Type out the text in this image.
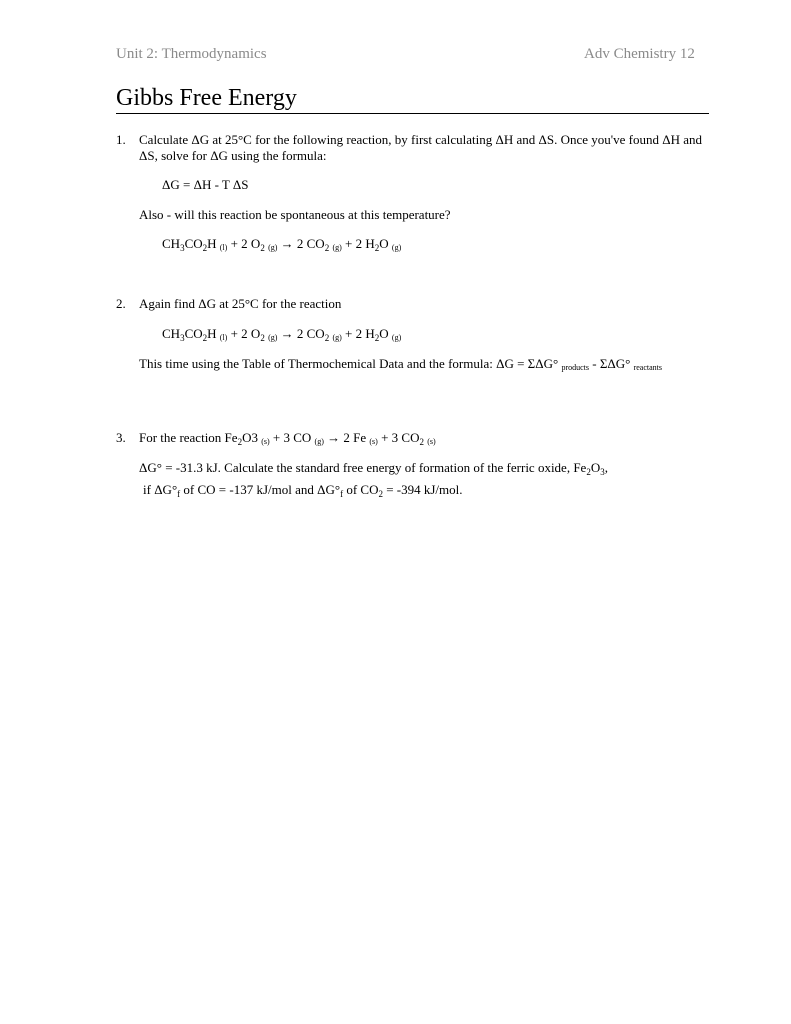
Unit 2: Thermodynamics	Adv Chemistry 12
Gibbs Free Energy
1. Calculate ΔG at 25°C for the following reaction, by first calculating ΔH and ΔS. Once you've found ΔH and
ΔS, solve for ΔG using the formula:
ΔG = ΔH - T ΔS
Also - will this reaction be spontaneous at this temperature?
$CH_3CO_2H$ $_{(l)}$ + 2 $O_2$ $_{(g)}$ → 2 $CO_2$ $_{(g)}$ + 2 $H_2O$ $_{(g)}$
2. Again find ΔG at 25°C for the reaction
$CH_3CO_2H$ $_{(l)}$ + 2 $O_2$ $_{(g)}$ → 2 $CO_2$ $_{(g)}$ + 2 $H_2O$ $_{(g)}$
This time using the Table of Thermochemical Data and the formula: ΔG = ΣΔG° $_{products}$ - ΣΔG° $_{reactants}$
3. For the reaction $Fe_2O3$ $_{(s)}$ + 3 CO $_{(g)}$ → 2 Fe $_{(s)}$ + 3 $CO_2$ $_{(s)}$
ΔG° = -31.3 kJ. Calculate the standard free energy of formation of the ferric oxide, $Fe_2O_3$,
if $\Delta G^\circ_f$ of CO = -137 kJ/mol and $\Delta G^\circ_f$ of $CO_2 = -394$ kJ/mol.
